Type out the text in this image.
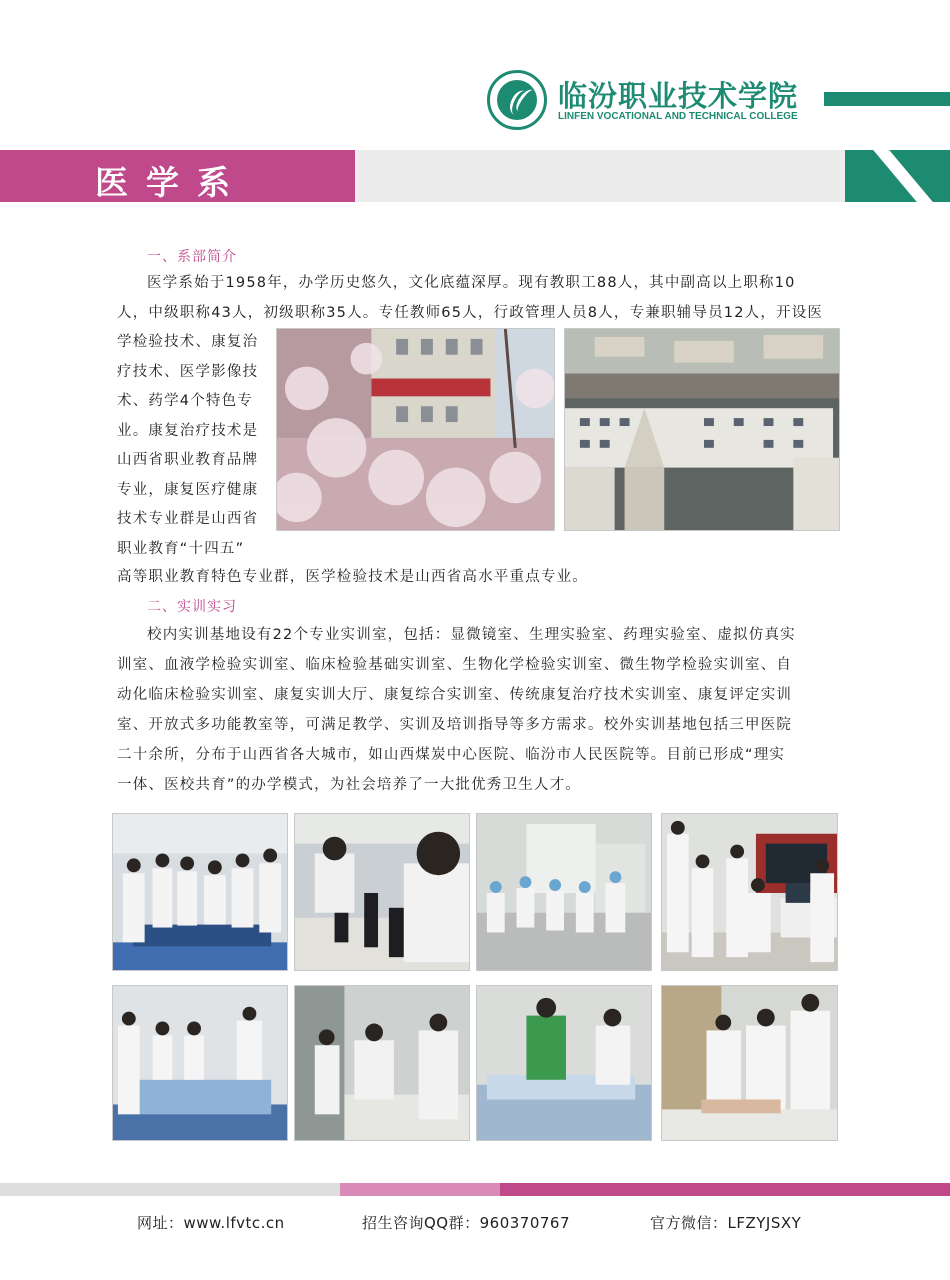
临汾职业技术学院
LINFEN VOCATIONAL AND TECHNICAL COLLEGE
医学系
一、系部简介

医学系始于1958年，办学历史悠久，文化底蕴深厚。现有教职工88人，其中副高以上职称10

人，中级职称43人，初级职称35人。专任教师65人，行政管理人员8人，专兼职辅导员12人，开设医

学检验技术、康复治

疗技术、医学影像技

术、药学4个特色专

业。康复治疗技术是

山西省职业教育品牌

专业，康复医疗健康

技术专业群是山西省

职业教育“十四五”

高等职业教育特色专业群，医学检验技术是山西省高水平重点专业。

二、实训实习

校内实训基地设有22个专业实训室，包括：显微镜室、生理实验室、药理实验室、虚拟仿真实

训室、血液学检验实训室、临床检验基础实训室、生物化学检验实训室、微生物学检验实训室、自

动化临床检验实训室、康复实训大厅、康复综合实训室、传统康复治疗技术实训室、康复评定实训

室、开放式多功能教室等，可满足教学、实训及培训指导等多方需求。校外实训基地包括三甲医院

二十余所，分布于山西省各大城市，如山西煤炭中心医院、临汾市人民医院等。目前已形成“理实

一体、医校共育”的办学模式，为社会培养了一大批优秀卫生人才。

网址：www.lfvtc.cn	招生咨询QQ群：960370767	官方微信：LFZYJSXY
